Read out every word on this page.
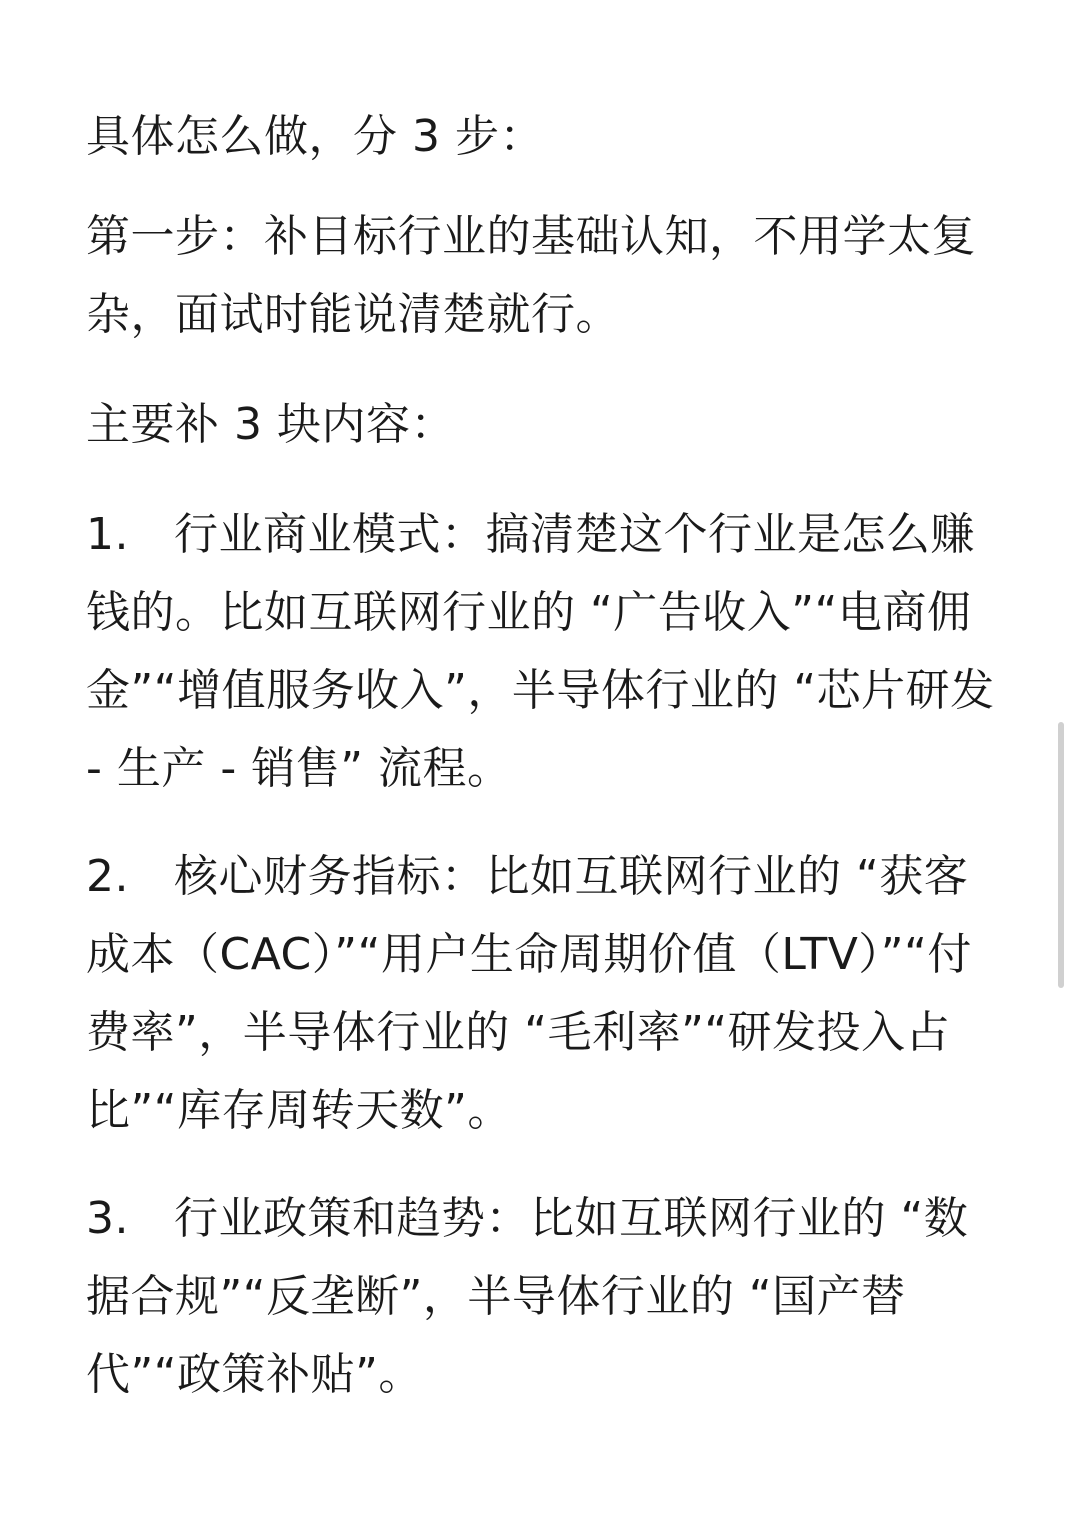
具体怎么做，分 3 步：

第一步：补目标行业的基础认知，不用学太复杂，面试时能说清楚就行。

主要补 3 块内容：

1. 行业商业模式：搞清楚这个行业是怎么赚钱的。比如互联网行业的 “广告收入”“电商佣金”“增值服务收入”，半导体行业的 “芯片研发 - 生产 - 销售” 流程。
2. 核心财务指标：比如互联网行业的 “获客成本（CAC）”“用户生命周期价值（LTV）”“付费率”，半导体行业的 “毛利率”“研发投入占比”“库存周转天数”。
3. 行业政策和趋势：比如互联网行业的 “数据合规”“反垄断”，半导体行业的 “国产替代”“政策补贴”。
